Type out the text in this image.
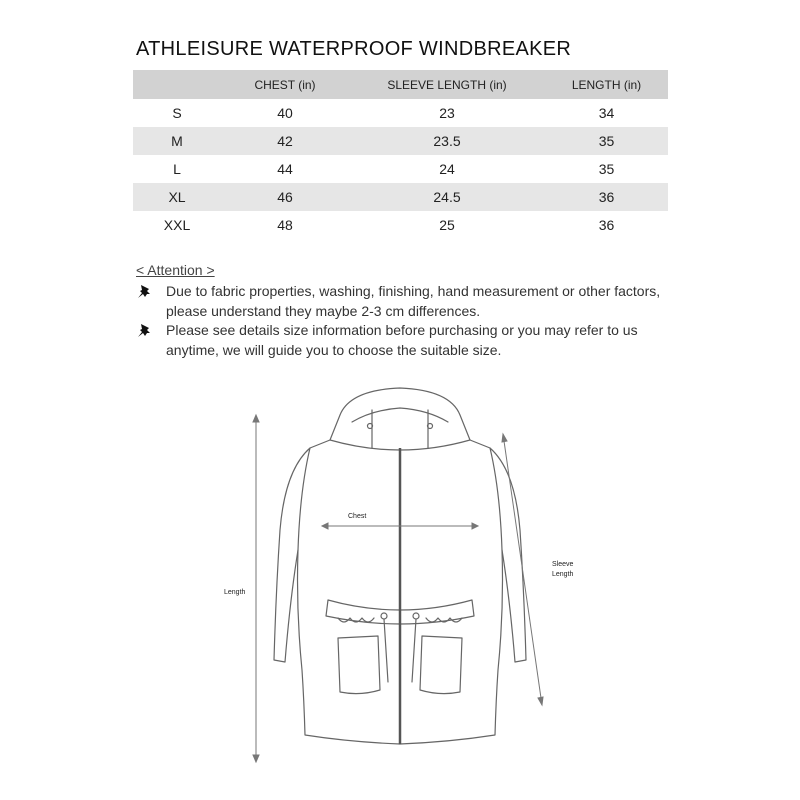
ATHLEISURE WATERPROOF WINDBREAKER
	CHEST (in)	SLEEVE LENGTH (in)	LENGTH (in)
S	40	23	34
M	42	23.5	35
L	44	24	35
XL	46	24.5	36
XXL	48	25	36
< Attention >
Due to fabric properties, washing, finishing, hand measurement or other factors, please understand they maybe 2-3 cm differences.
Please see details size information before purchasing or you may refer to us anytime, we will guide you to choose the suitable size.
Chest
Length
Sleeve
Length
